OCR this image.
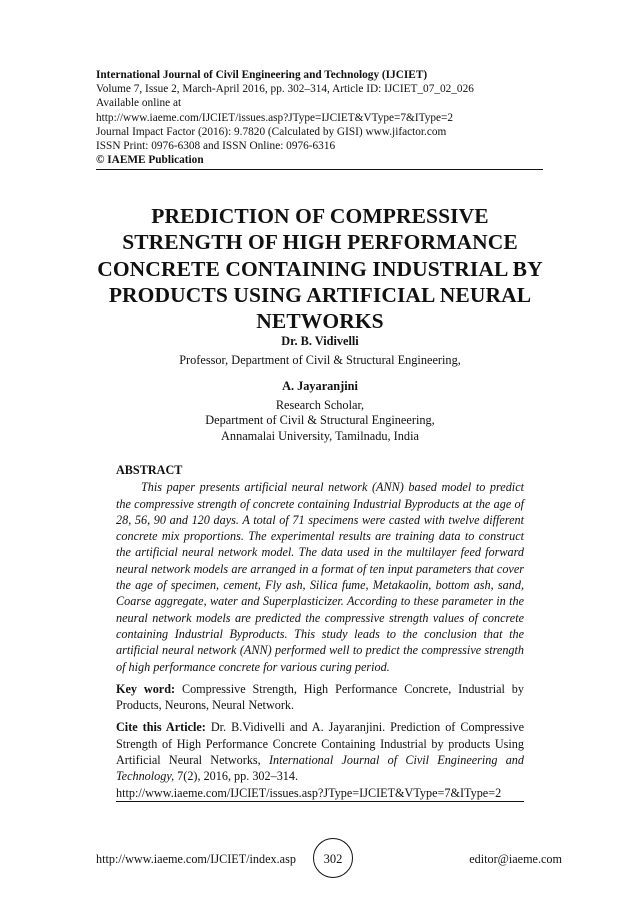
International Journal of Civil Engineering and Technology (IJCIET)
Volume 7, Issue 2, March-April 2016, pp. 302–314, Article ID: IJCIET_07_02_026
Available online at
http://www.iaeme.com/IJCIET/issues.asp?JType=IJCIET&VType=7&IType=2
Journal Impact Factor (2016): 9.7820 (Calculated by GISI) www.jifactor.com
ISSN Print: 0976-6308 and ISSN Online: 0976-6316
© IAEME Publication
PREDICTION OF COMPRESSIVE
STRENGTH OF HIGH PERFORMANCE
CONCRETE CONTAINING INDUSTRIAL BY
PRODUCTS USING ARTIFICIAL NEURAL
NETWORKS
Dr. B. Vidivelli
Professor, Department of Civil & Structural Engineering,
A. Jayaranjini
Research Scholar,
Department of Civil & Structural Engineering,
Annamalai University, Tamilnadu, India
ABSTRACT

This paper presents artificial neural network (ANN) based model to predict the compressive strength of concrete containing Industrial Byproducts at the age of 28, 56, 90 and 120 days. A total of 71 specimens were casted with twelve different concrete mix proportions. The experimental results are training data to construct the artificial neural network model. The data used in the multilayer feed forward neural network models are arranged in a format of ten input parameters that cover the age of specimen, cement, Fly ash, Silica fume, Metakaolin, bottom ash, sand, Coarse aggregate, water and Superplasticizer. According to these parameter in the neural network models are predicted the compressive strength values of concrete containing Industrial Byproducts. This study leads to the conclusion that the artificial neural network (ANN) performed well to predict the compressive strength of high performance concrete for various curing period.

Key word: Compressive Strength, High Performance Concrete, Industrial by Products, Neurons, Neural Network.
Cite this Article: Dr. B.Vidivelli and A. Jayaranjini. Prediction of Compressive Strength of High Performance Concrete Containing Industrial by products Using Artificial Neural Networks, International Journal of Civil Engineering and Technology, 7(2), 2016, pp. 302–314.
http://www.iaeme.com/IJCIET/issues.asp?JType=IJCIET&VType=7&IType=2
http://www.iaeme.com/IJCIET/index.asp	302	editor@iaeme.com
